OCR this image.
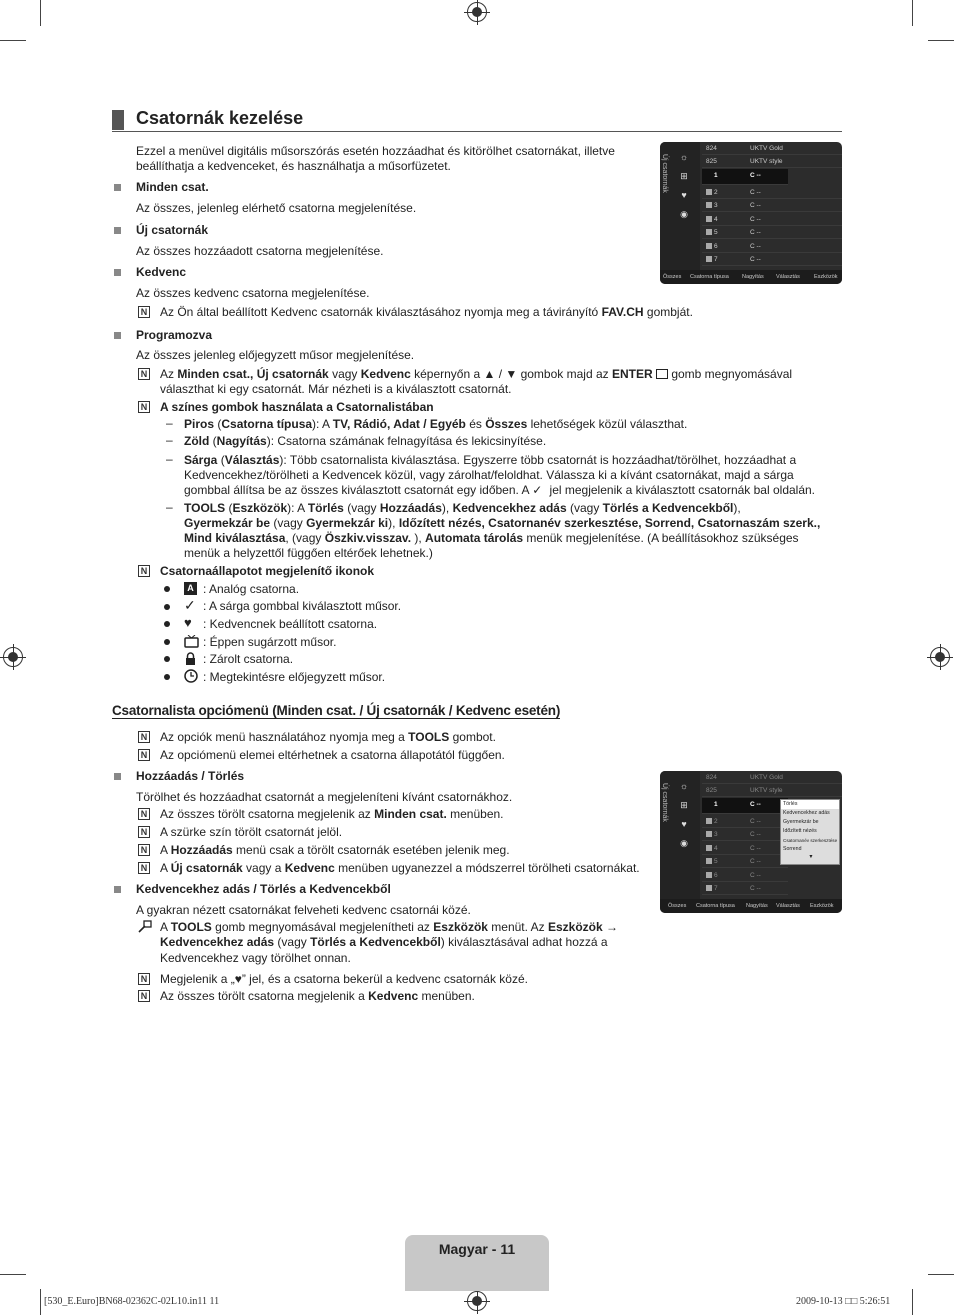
Csatornák kezelése
Ezzel a menüvel digitális műsorszórás esetén hozzáadhat és kitörölhet csatornákat, illetve
beállíthatja a kedvenceket, és használhatja a műsorfüzetet.
Minden csat.
Az összes, jelenleg elérhető csatorna megjelenítése.
Új csatornák
Az összes hozzáadott csatorna megjelenítése.
Kedvenc
Az összes kedvenc csatorna megjelenítése.
N Az Ön által beállított Kedvenc csatornák kiválasztásához nyomja meg a távirányító FAV.CH gombját.
Programozva
Az összes jelenleg előjegyzett műsor megjelenítése.
N Az Minden csat., Új csatornák vagy Kedvenc képernyőn a ▲ / ▼ gombok majd az ENTER  gomb megnyomásával
választhat ki egy csatornát. Már nézheti is a kiválasztott csatornát.
N A színes gombok használata a Csatornalistában
– Piros (Csatorna típusa): A TV, Rádió, Adat / Egyéb és Összes lehetőségek közül választhat.
– Zöld (Nagyítás): Csatorna számának felnagyítása és lekicsinyítése.
– Sárga (Választás): Több csatornalista kiválasztása. Egyszerre több csatornát is hozzáadhat/törölhet, hozzáadhat a
Kedvencekhez/törölheti a Kedvencek közül, vagy zárolhat/feloldhat. Válassza ki a kívánt csatornákat, majd a sárga
gombbal állítsa be az összes kiválasztott csatornát egy időben. A ✓ jel megjelenik a kiválasztott csatornák bal oldalán.
– TOOLS (Eszközök): A Törlés (vagy Hozzáadás), Kedvencekhez adás (vagy Törlés a Kedvencekből),
Gyermekzár be (vagy Gyermekzár ki), Időzített nézés, Csatornanév szerkesztése, Sorrend, Csatornaszám szerk.,
Mind kiválasztása, (vagy Öszkiv.visszav. ), Automata tárolás menük megjelenítése. (A beállításokhoz szükséges
menük a helyzettől függően eltérőek lehetnek.)
N Csatornaállapotot megjelenítő ikonok
A : Analóg csatorna.
✓ : A sárga gombbal kiválasztott műsor.
♥ : Kedvencnek beállított csatorna.
: Éppen sugárzott műsor.
: Zárolt csatorna.
: Megtekintésre előjegyzett műsor.
Csatornalista opciómenü (Minden csat. / Új csatornák / Kedvenc esetén)
N Az opciók menü használatához nyomja meg a TOOLS gombot.
N Az opciómenü elemei eltérhetnek a csatorna állapotától függően.
Hozzáadás / Törlés
Törölhet és hozzáadhat csatornát a megjeleníteni kívánt csatornákhoz.
N Az összes törölt csatorna megjelenik az Minden csat. menüben.
N A szürke szín törölt csatornát jelöl.
N A Hozzáadás menü csak a törölt csatornák esetében jelenik meg.
N A Új csatornák vagy a Kedvenc menüben ugyanezzel a módszerrel törölheti csatornákat.
Kedvencekhez adás / Törlés a Kedvencekből
A gyakran nézett csatornákat felveheti kedvenc csatornái közé.
A TOOLS gomb megnyomásával megjelenítheti az Eszközök menüt. Az Eszközök →
Kedvencekhez adás (vagy Törlés a Kedvencekből) kiválasztásával adhat hozzá a
Kedvencekhez vagy törölhet onnan.
N Megjelenik a „♥” jel, és a csatorna bekerül a kedvenc csatornák közé.
N Az összes törölt csatorna megjelenik a Kedvenc menüben.
Új csatornák ☼
⊞
♥
◉
824	UKTV Gold
825	UKTV style
1	C --
2	C --
3	C --
4	C --
5	C --
6	C --
7	C --
Összes Csatorna típusa Nagyítás Választás	Eszközök
Új csatornák ☼
⊞
♥
◉
824	UKTV Gold
825	UKTV style
1	C --
2	C --
3	C --
4	C --
5	C --
6	C --
7	C --
Törlés
Kedvencekhez adás
Gyermekzár be
Időzített nézés
Csatornanév szerkesztése
Sorrend
▼
Összes Csatorna típusa Nagyítás Választás Eszközök
Magyar - 11
[530_E.Euro]BN68-02362C-02L10.in11 11	2009-10-13 □□ 5:26:51
